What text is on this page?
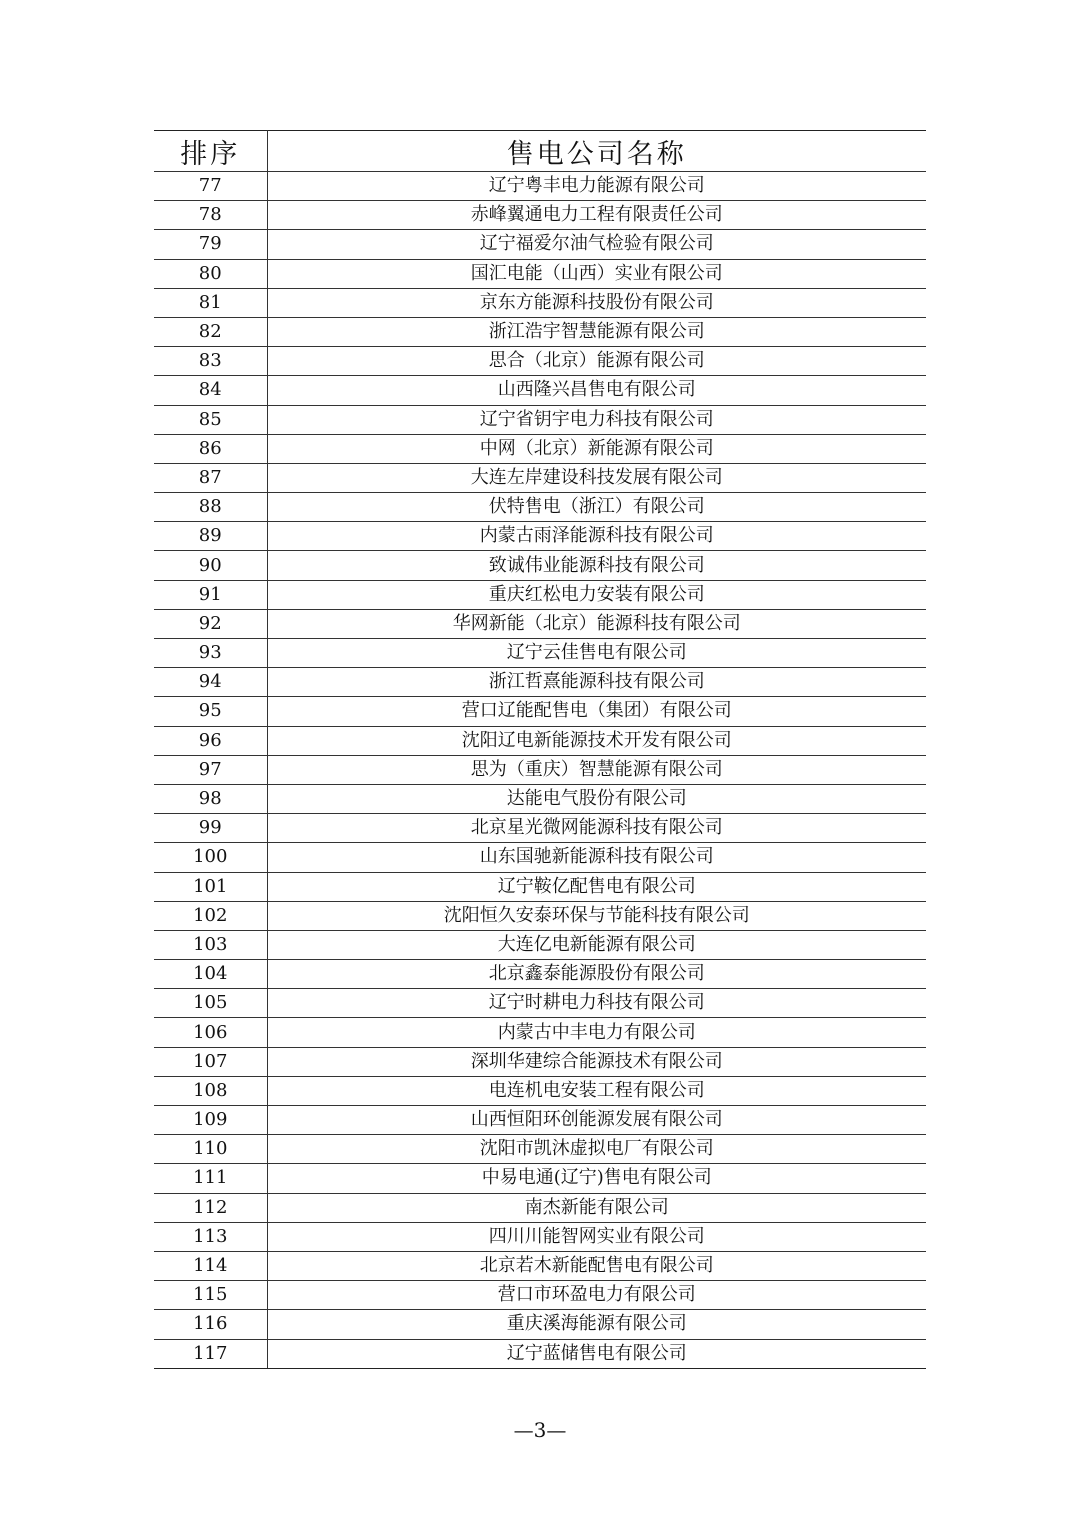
排序	售电公司名称
77	辽宁粤丰电力能源有限公司
78	赤峰翼通电力工程有限责任公司
79	辽宁福爱尔油气检验有限公司
80	国汇电能（山西）实业有限公司
81	京东方能源科技股份有限公司
82	浙江浩宇智慧能源有限公司
83	思合（北京）能源有限公司
84	山西隆兴昌售电有限公司
85	辽宁省钥宇电力科技有限公司
86	中网（北京）新能源有限公司
87	大连左岸建设科技发展有限公司
88	伏特售电（浙江）有限公司
89	内蒙古雨泽能源科技有限公司
90	致诚伟业能源科技有限公司
91	重庆红松电力安装有限公司
92	华网新能（北京）能源科技有限公司
93	辽宁云佳售电有限公司
94	浙江哲熹能源科技有限公司
95	营口辽能配售电（集团）有限公司
96	沈阳辽电新能源技术开发有限公司
97	思为（重庆）智慧能源有限公司
98	达能电气股份有限公司
99	北京星光微网能源科技有限公司
100	山东国驰新能源科技有限公司
101	辽宁鞍亿配售电有限公司
102	沈阳恒久安泰环保与节能科技有限公司
103	大连亿电新能源有限公司
104	北京鑫泰能源股份有限公司
105	辽宁时耕电力科技有限公司
106	内蒙古中丰电力有限公司
107	深圳华建综合能源技术有限公司
108	电连机电安装工程有限公司
109	山西恒阳环创能源发展有限公司
110	沈阳市凯沐虚拟电厂有限公司
111	中易电通(辽宁)售电有限公司
112	南杰新能有限公司
113	四川川能智网实业有限公司
114	北京若木新能配售电有限公司
115	营口市环盈电力有限公司
116	重庆溪海能源有限公司
117	辽宁蓝储售电有限公司
—3—
